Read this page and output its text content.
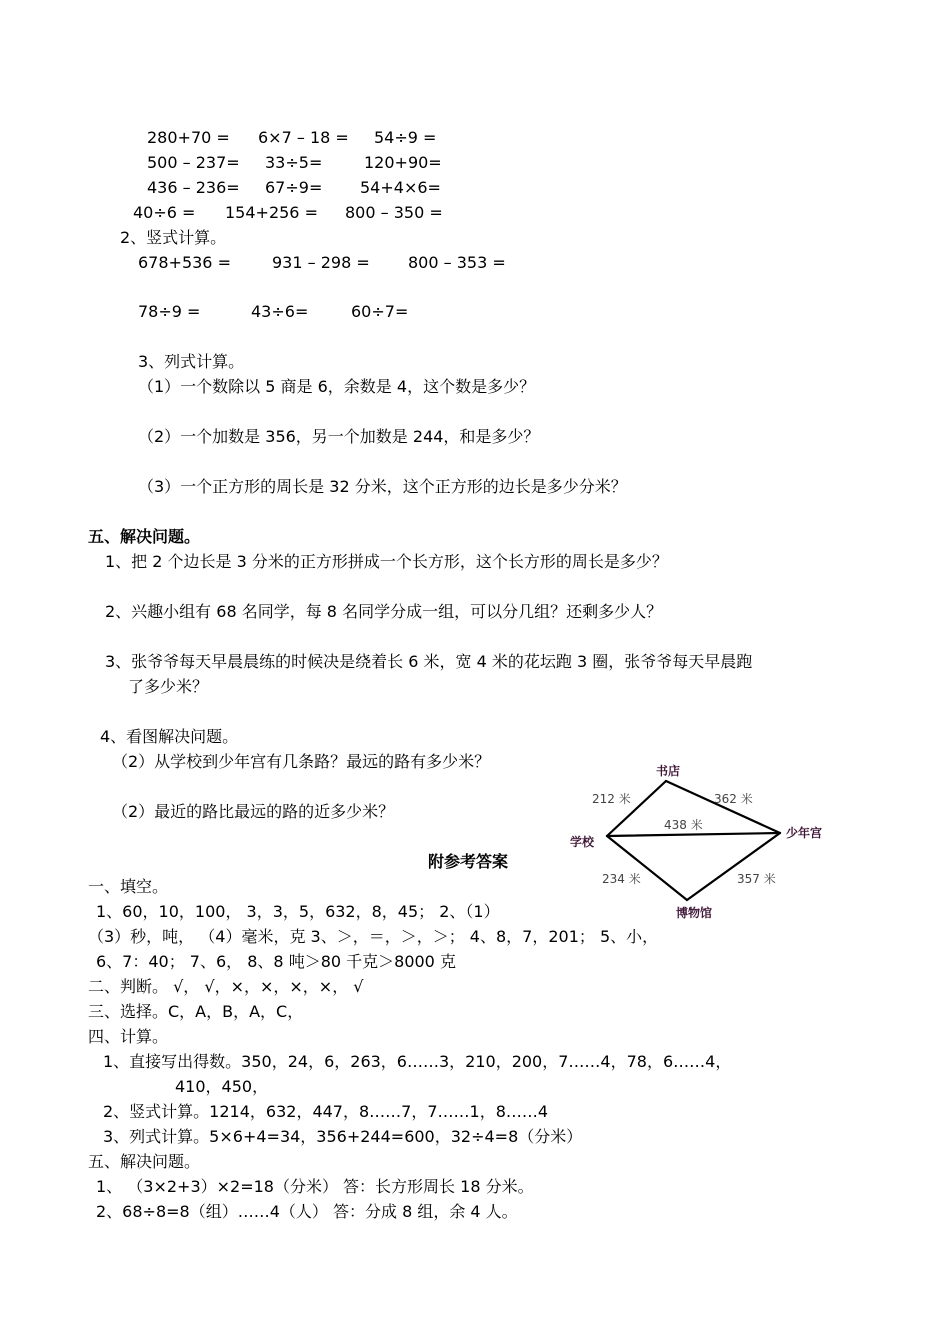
280+70 = 6×7 – 18 = 54÷9 =
500 – 237= 33÷5=	120+90=
436 – 236= 67÷9= 54+4×6=
40÷6 = 154+256 = 800 – 350 =
2、竖式计算。
678+536 =	931 – 298 = 800 – 353 =
78÷9 =	43÷6=	60÷7=
3、列式计算。
（1）一个数除以 5 商是 6，余数是 4，这个数是多少？
（2）一个加数是 356，另一个加数是 244，和是多少？
（3）一个正方形的周长是 32 分米，这个正方形的边长是多少分米？
五、解决问题。
1、把 2 个边长是 3 分米的正方形拼成一个长方形，这个长方形的周长是多少？
2、兴趣小组有 68 名同学，每 8 名同学分成一组，可以分几组？还剩多少人？
3、张爷爷每天早晨晨练的时候决是绕着长 6 米，宽 4 米的花坛跑 3 圈，张爷爷每天早晨跑
了多少米？
4、看图解决问题。
（2）从学校到少年宫有几条路？最远的路有多少米？
（2）最近的路比最远的路的近多少米？
书店
学校
少年宫
博物馆
212 米	362 米
438 米
234 米	357 米
附参考答案
一、填空。
1、60，10，100， 3，3，5，632，8，45； 2、（1）
（3）秒，吨， （4）毫米，克 3、＞，＝，＞，＞； 4、8，7，201； 5、小，
6、7：40； 7、6， 8、8 吨＞80 千克＞8000 克
二、判断。 √， √，×，×，×，×， √
三、选择。C，A，B，A，C，
四、计算。
1、直接写出得数。350，24，6，263，6……3，210，200，7……4，78，6……4，
410，450，
2、竖式计算。1214，632，447，8……7，7……1，8……4
3、列式计算。5×6+4=34，356+244=600，32÷4=8（分米）
五、解决问题。
1、 （3×2+3）×2=18（分米） 答：长方形周长 18 分米。
2、68÷8=8（组）……4（人） 答：分成 8 组，余 4 人。
